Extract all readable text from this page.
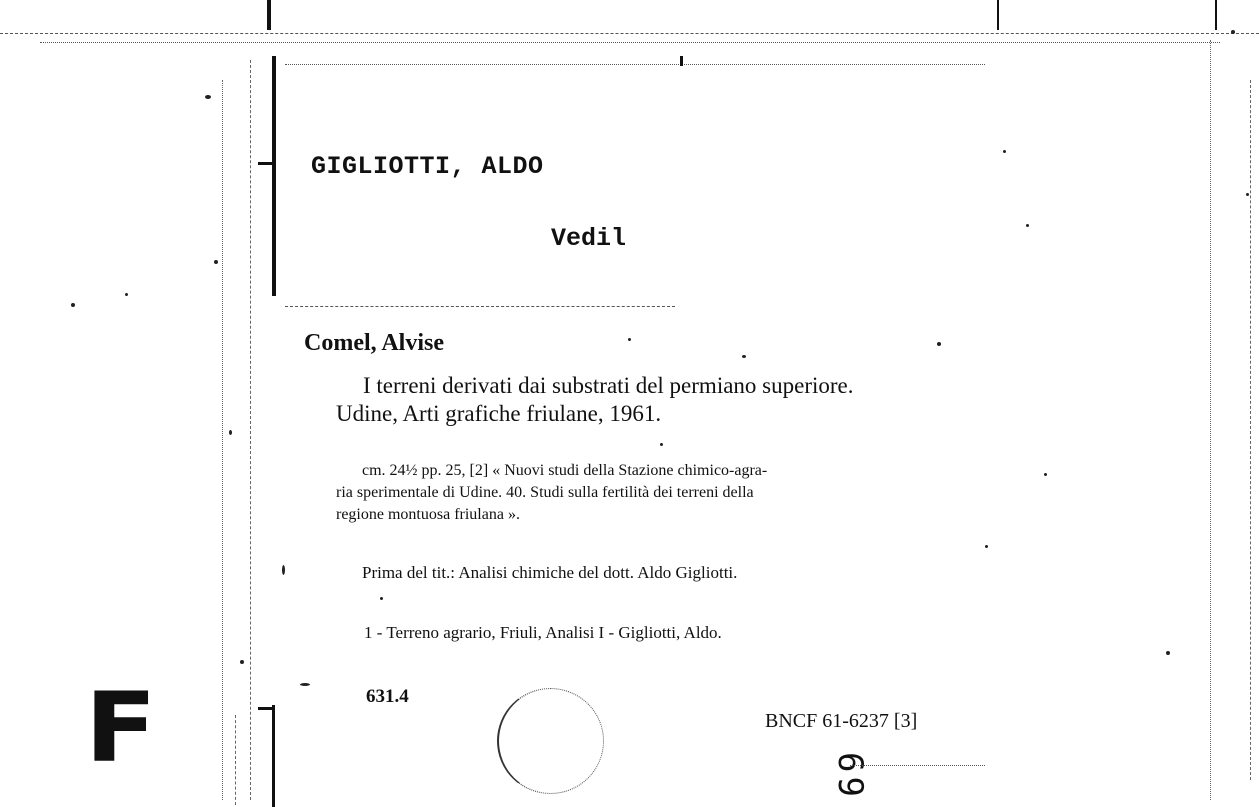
GIGLIOTTI, ALDO
Vedil
Comel, Alvise
I terreni derivati dai substrati del permiano superiore.
Udine, Arti grafiche friulane, 1961.
cm. 24½ pp. 25, [2] « Nuovi studi della Stazione chimico-agra-
ria sperimentale di Udine. 40. Studi sulla fertilità dei terreni della
regione montuosa friulana ».
Prima del tit.: Analisi chimiche del dott. Aldo Gigliotti.
1 - Terreno agrario, Friuli, Analisi I - Gigliotti, Aldo.
631.4
BNCF 61-6237 [3]
F	69
